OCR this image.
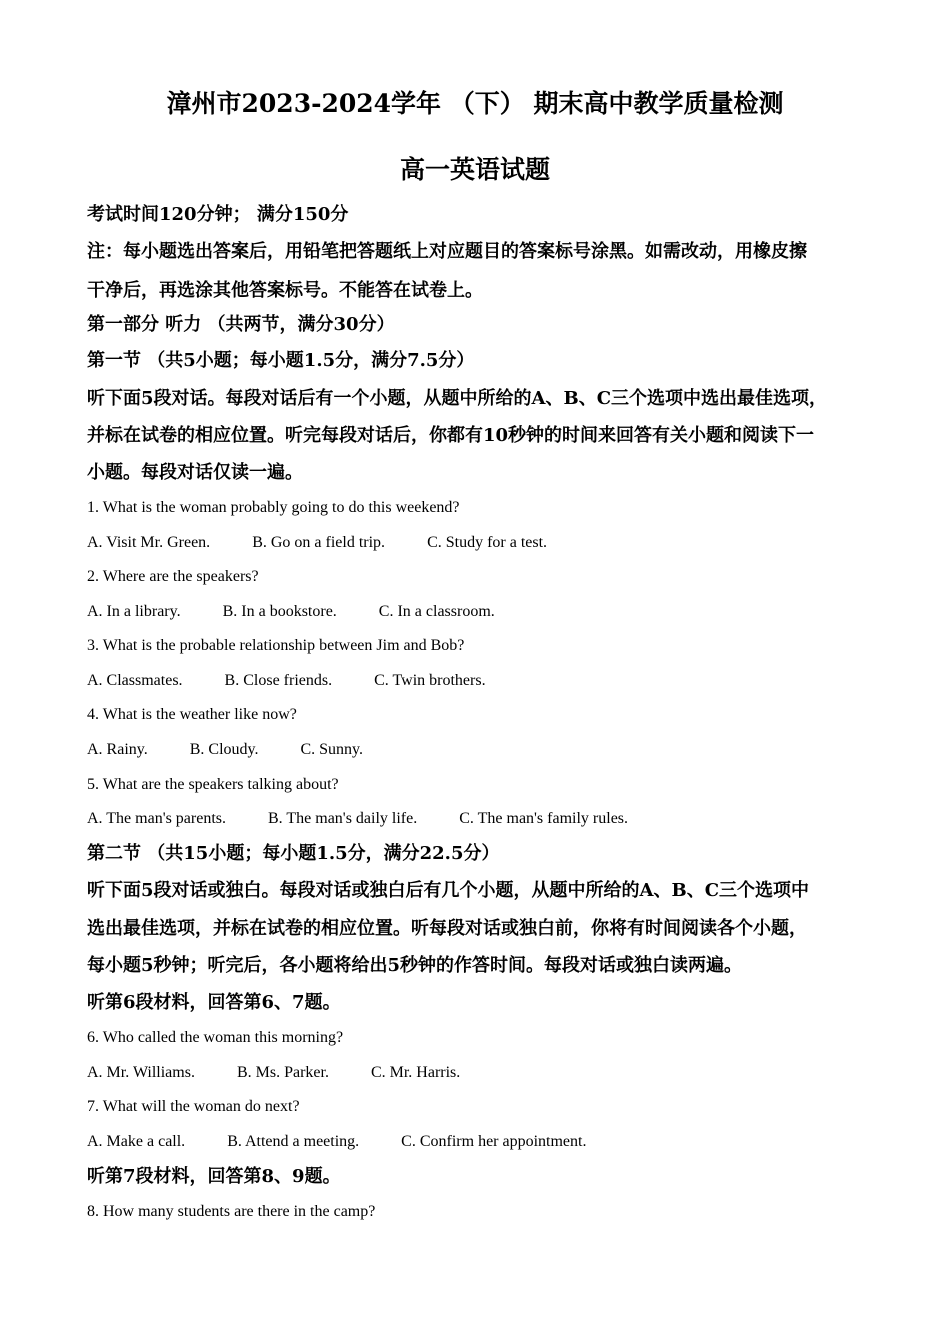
漳州市2023-2024学年 （下） 期末高中教学质量检测
高一英语试题
考试时间120分钟； 满分150分
注：每小题选出答案后，用铅笔把答题纸上对应题目的答案标号涂黑。如需改动，用橡皮擦
干净后，再选涂其他答案标号。不能答在试卷上。
第一部分 听力 （共两节，满分30分）
第一节 （共5小题；每小题1.5分，满分7.5分）
听下面5段对话。每段对话后有一个小题，从题中所给的A、B、C三个选项中选出最佳选项，
并标在试卷的相应位置。听完每段对话后，你都有10秒钟的时间来回答有关小题和阅读下一
小题。每段对话仅读一遍。
1. What is the woman probably going to do this weekend?
A. Visit Mr. Green.	B. Go on a field trip.	C. Study for a test.
2. Where are the speakers?
A. In a library.	B. In a bookstore.	C. In a classroom.
3. What is the probable relationship between Jim and Bob?
A. Classmates.	B. Close friends.	C. Twin brothers.
4. What is the weather like now?
A. Rainy.	B. Cloudy.	C. Sunny.
5. What are the speakers talking about?
A. The man's parents.	B. The man's daily life.	C. The man's family rules.
第二节 （共15小题；每小题1.5分，满分22.5分）
听下面5段对话或独白。每段对话或独白后有几个小题，从题中所给的A、B、C三个选项中
选出最佳选项，并标在试卷的相应位置。听每段对话或独白前，你将有时间阅读各个小题，
每小题5秒钟；听完后，各小题将给出5秒钟的作答时间。每段对话或独白读两遍。
听第6段材料，回答第6、7题。
6. Who called the woman this morning?
A. Mr. Williams.	B. Ms. Parker.	C. Mr. Harris.
7. What will the woman do next?
A. Make a call.	B. Attend a meeting.	C. Confirm her appointment.
听第7段材料，回答第8、9题。
8. How many students are there in the camp?
